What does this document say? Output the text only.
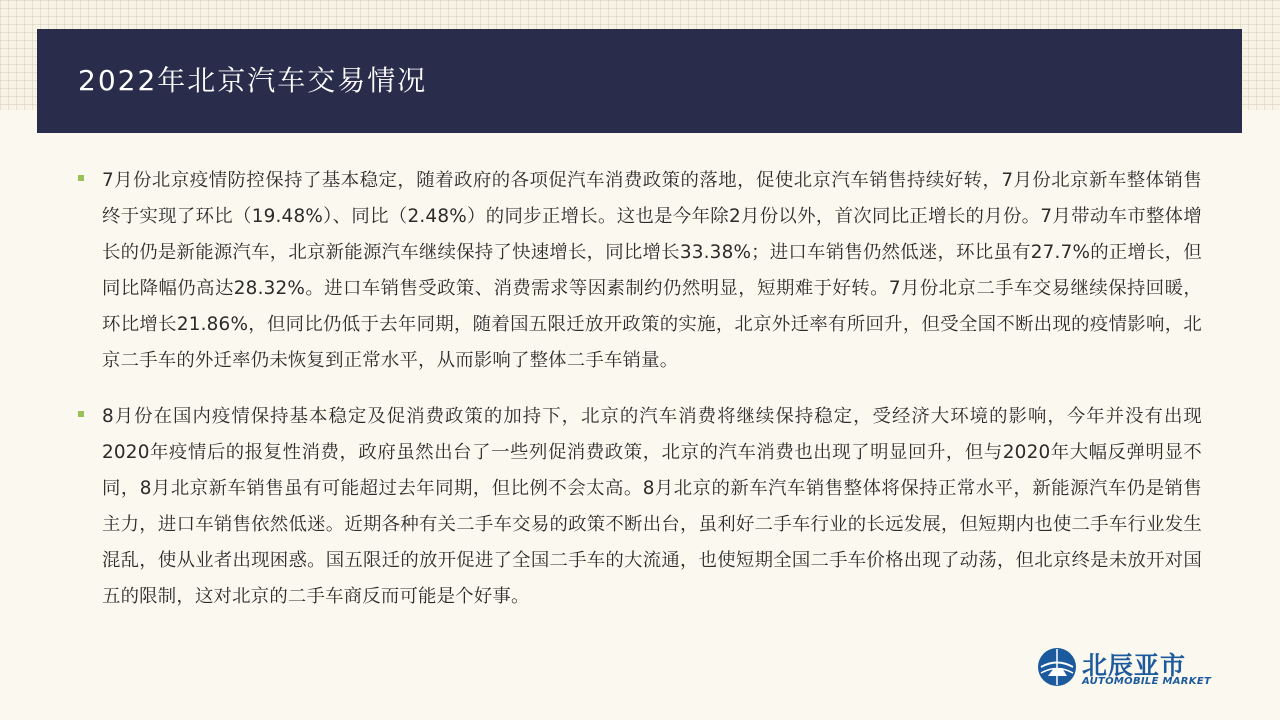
2022年北京汽车交易情况
7月份北京疫情防控保持了基本稳定，随着政府的各项促汽车消费政策的落地，促使北京汽车销售持续好转，7月份北京新车整体销售终于实现了环比（19.48%）、同比（2.48%）的同步正增长。这也是今年除2月份以外，首次同比正增长的月份。7月带动车市整体增长的仍是新能源汽车，北京新能源汽车继续保持了快速增长，同比增长33.38%；进口车销售仍然低迷，环比虽有27.7%的正增长，但同比降幅仍高达28.32%。进口车销售受政策、消费需求等因素制约仍然明显，短期难于好转。7月份北京二手车交易继续保持回暖，环比增长21.86%，但同比仍低于去年同期，随着国五限迁放开政策的实施，北京外迁率有所回升，但受全国不断出现的疫情影响，北京二手车的外迁率仍未恢复到正常水平，从而影响了整体二手车销量。
8月份在国内疫情保持基本稳定及促消费政策的加持下，北京的汽车消费将继续保持稳定，受经济大环境的影响，今年并没有出现2020年疫情后的报复性消费，政府虽然出台了一些列促消费政策，北京的汽车消费也出现了明显回升，但与2020年大幅反弹明显不同，8月北京新车销售虽有可能超过去年同期，但比例不会太高。8月北京的新车汽车销售整体将保持正常水平，新能源汽车仍是销售主力，进口车销售依然低迷。近期各种有关二手车交易的政策不断出台，虽利好二手车行业的长远发展，但短期内也使二手车行业发生混乱，使从业者出现困惑。国五限迁的放开促进了全国二手车的大流通，也使短期全国二手车价格出现了动荡，但北京终是未放开对国五的限制，这对北京的二手车商反而可能是个好事。
北辰亚市
AUTOMOBILE MARKET
